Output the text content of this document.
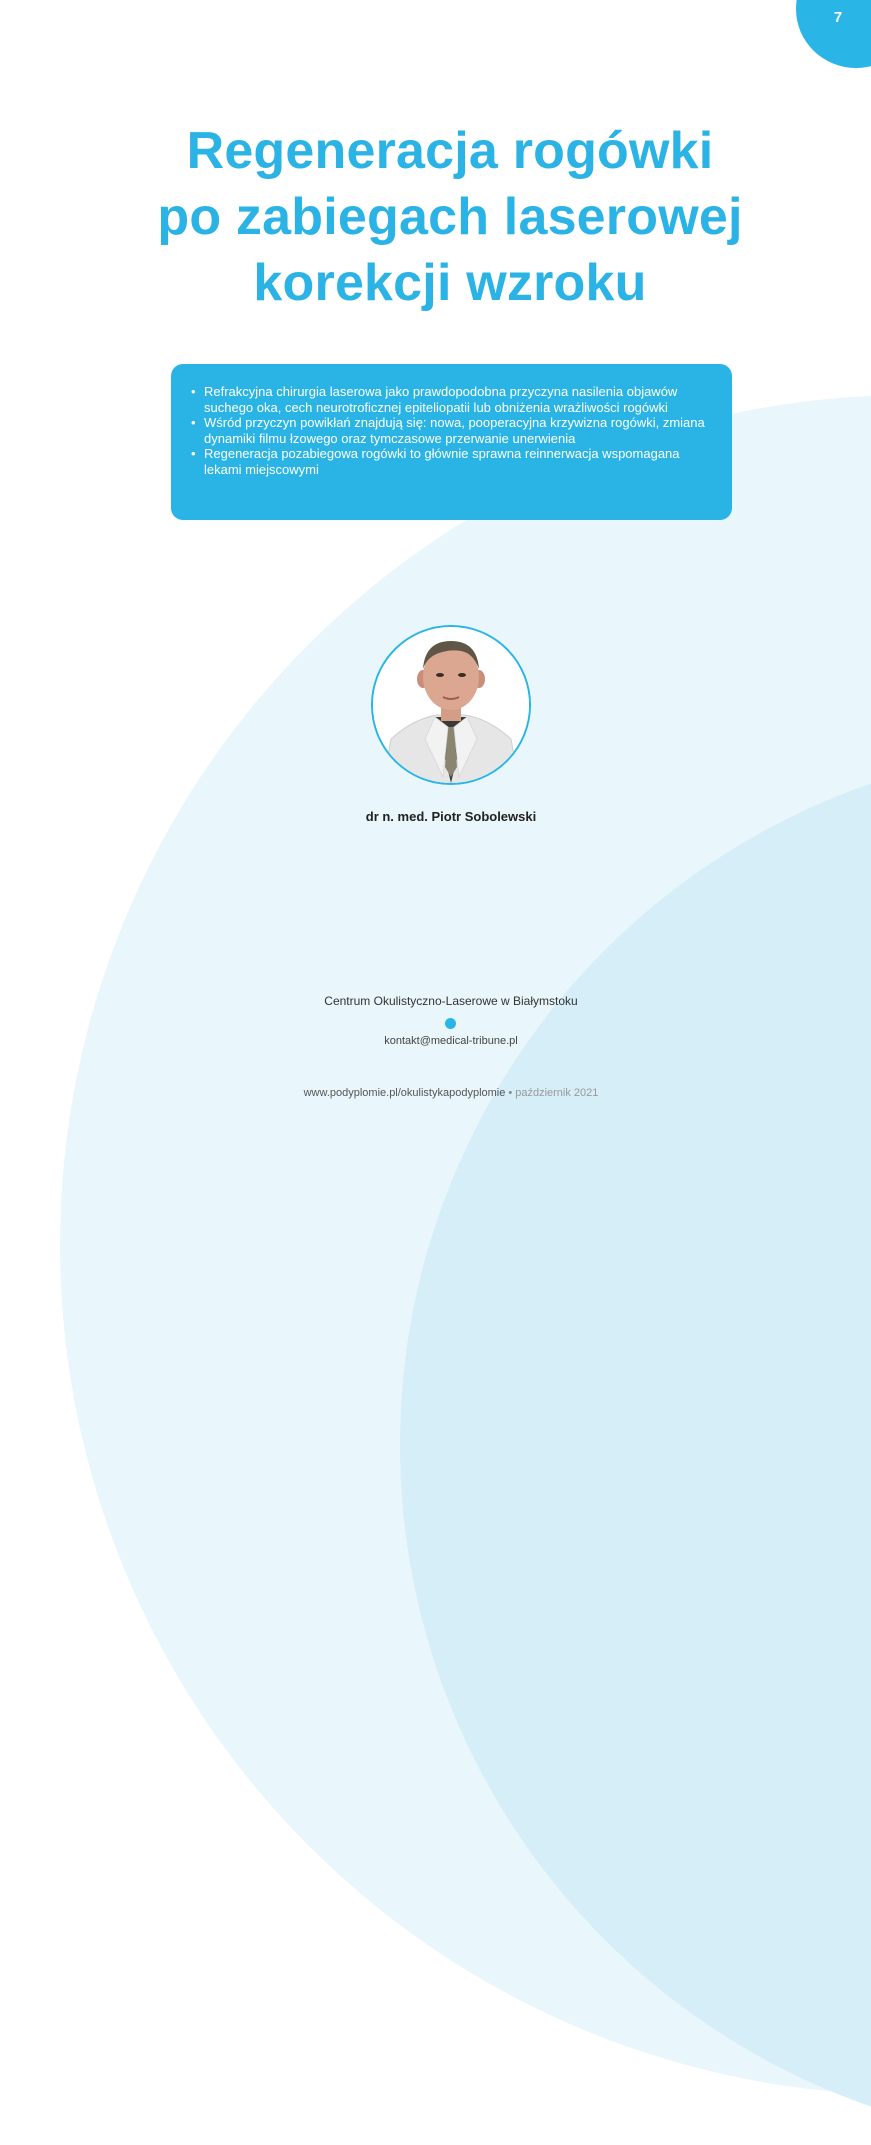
7
Regeneracja rogówki
po zabiegach laserowej
korekcji wzroku
• Refrakcyjna chirurgia laserowa jako prawdopodobna przyczyna nasilenia objawów suchego oka, cech neurotroficznej epiteliopatii lub obniżenia wrażliwości rogówki
• Wśród przyczyn powikłań znajdują się: nowa, pooperacyjna krzywizna rogówki, zmiana dynamiki filmu łzowego oraz tymczasowe przerwanie unerwienia
• Regeneracja pozabiegowa rogówki to głównie sprawna reinnerwacja wspomagana lekami miejscowymi
dr n. med. Piotr Sobolewski
Centrum Okulistyczno-Laserowe w Białymstoku
kontakt@medical-tribune.pl
www.podyplomie.pl/okulistykapodyplomie • październik 2021
